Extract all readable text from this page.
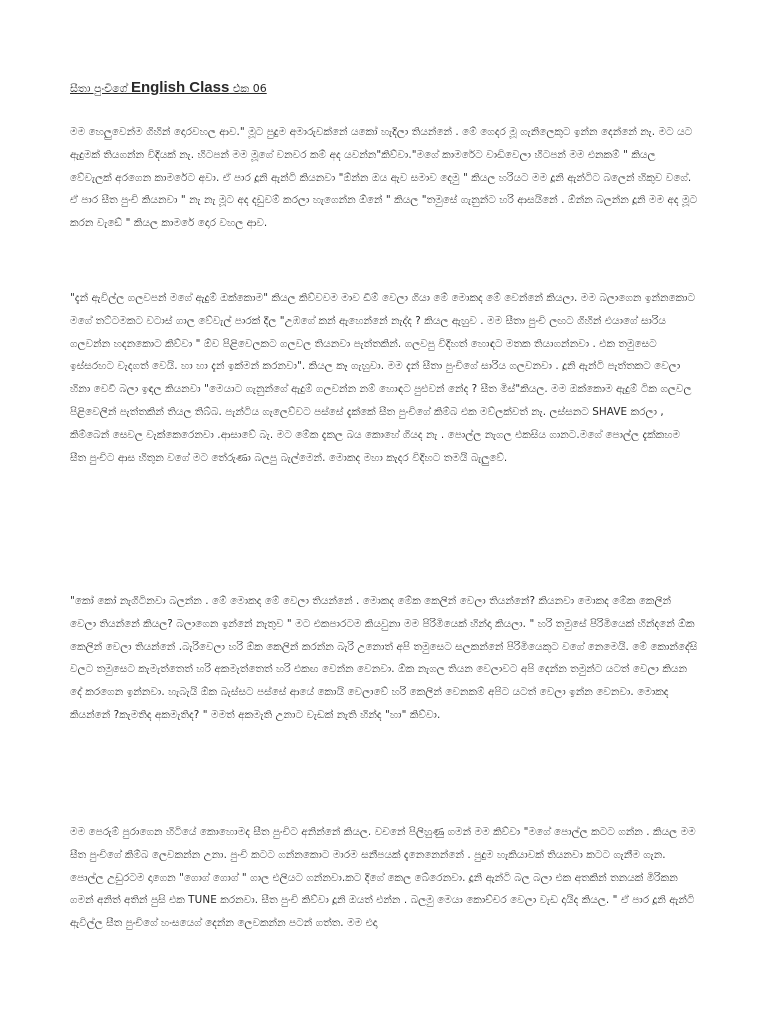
සීතා පුංචිගේ English Class එක 06
මම හෙලුවෙන්ම ගිහින් දොරවහල ආව." මූට පුදුම අමාරුවක්නේ යකෝ හැදිලා තියන්නේ . මේ ගෙදර මූ ගැනිලෙකුට ඉන්න දෙන්නේ නැ. මට යට ඇදුමක් තියගන්න විදියක් නැ. හිටපන් මම මූගේ වනවර කම් අද යවන්න"කිව්වා."මගේ කාමරේට වාඩිවෙලා හිටපන් මම එනකම් " කියල වේවැලක් අරගෙන කාමරේට අවා. ඒ පාර දූනි ඇන්ටි කියනවා "ඕන්න ඔය ඇව සමාව දෙමු " කියල හරියට මම දූනි ඇන්ටිට බලෙන් හිකුව වගේ. ඒ පාර සීත පුංචි කියනවා " නැ නැ මූට අද දඩුවම් කරලා හැගෙන්න ඕනේ " කියල "තමුසේ ගැනුන්ට හරි ආසයිනේ . ඕන්න බලන්න දූනි මම අද මූට කරන වැඩේ " කියල කාමරේ දොර වහල ආව.
"දැන් ඇවිල්ල ගලවපන් මගේ ඇදුම් ඔක්කොම" කියල කිව්වවම මාව ඩීම් වෙලා ගියා මේ මොකද මේ වෙන්නේ කියලා. මම බලාගෙන ඉන්නකොට මගේ තට්ටමකට වටාස් ගාල වේවැල් පාරක් දීල "උඹගේ කන් ඇහෙන්නේ නැද්ද ? කියල ඇහුව . මම සීතා පුංචි ලඟට ගිහින් එයාගේ සාරිය ගලවන්න හදනකොට කිව්වා " ඕව පිළිවෙලකට ගලවල තියනවා පැත්තකින්. ගලවපු විදිහත් හොඳට මතක තියාගන්නවා . එක තමුසෙට ඉස්සරහට වැදගත් වෙයි. හා හා දැන් ඉක්මන් කරනවා". කියල කෑ ගැහුවා. මම දැන් සීතා පුංචිගේ සාරිය ගලවනවා . දූනි ඇන්ටි පැත්තකට වෙලා හිනා වෙවී බලා ඉඳල කියනවා "මෙයාට ගැනුන්ගේ ඇදුම් ගලවන්න නම් හොඳට පුළුවන් නේද ? සීත මිස්"කියල. මම ඔක්කොම ඇදුම් ටික ගලවල පිළිවෙලින් පැත්තකින් තියල තිබ්බ. පැන්ටිය ගැලෙව්වට පස්සේ දැක්කේ සීත පුංචිගේ කිම්බ එක මව්ලක්වත් නැ. ලස්සනට SHAVE කරලා , කිම්බෙන් සෙවල වැක්කෙරෙනවා .ආසාවේ බැ. මට මේක දැකල බය කොහේ ගියද නැ . පොල්ල නැගල එකසිය ගානට.මගේ පොල්ල දැක්කහම සීත පුංචිට ආස හිතුන වගේ මට තේරුණා බලපු බැල්මෙන්. මොකද මහා කැදර විදිහට තමයි බැලුවේ.
"කෝ කෝ නැගිටිනවා බලන්න . මේ මොකද මේ වෙලා තියන්නේ . මොකද මේක කෙලින් වෙලා තියන්නේ? කියනවා මොකද මේක කෙලින් වෙලා තියන්නේ කියල? බලාගෙන ඉන්නේ නැතුව " මට එකපාරටම කියවුනා මම පිරිමියෙක් හින්දා කියලා. " හරි තමුසේ පිරිමියෙක් හින්දනේ ඕක කෙලින් වෙලා තියන්නේ .බැරිවෙලා හරි ඕක කෙලින් කරන්න බැරි උනොත් අපි තමුසෙට සලකන්නේ පිරිමියෙකුට වගේ නෙමෙයි. මේ කොන්දේසි වලට තමුසෙට කැමැත්තෙත් හරි අකමැත්තෙත් හරි එකඟ වෙන්න වෙනවා. ඕක නැගල තියන වෙලාවට අපි දෙන්න තමුන්ට යටත් වෙලා කියන දේ කරගෙන ඉන්නවා. හැබැයි ඕක බැස්සට පස්සේ ආයේ කොයි වෙලාවේ හරි කෙලින් වෙනකම් අපිට යටත් වෙලා ඉන්න වෙනවා. මොකද කියන්නේ ?කැමතිද අකමැතිද? " මමත් අකමැති උනාට වැඩක් නැති හින්ද "හා" කිව්වා.
මම පෙරුම් පුරාගෙන හිටියේ කොහොමද සීත පුංචිට අනින්නේ කියල. වචනේ පිලිහුණු ගමන් මම කිව්වා "මගේ පොල්ල කටට ගන්න . කියල මම සීත පුංචිගේ කිම්බ ලෙවකන්න උනා. පුංචි කටට ගන්නකොට මාරම සනීපයක් දැනෙනෙන්නේ . පුදුම හැකියාවක් තියනවා කටට ගැනීම ගැන. පොල්ල උඩුරටම දාගෙන "ගොග් ගොග් " ගාල එලියට ගන්නවා.කට දිගේ කෙල බේරෙනවා. දූනි ඇන්ටි බල බලා එක අතකින් තනයක් මිරිකන ගමන් අනිත් අතින් පුසි එක TUNE කරනවා. සීත පුංචි කිව්වා දූනි ඔයත් එන්න . බලමු මෙයා කොච්චර වෙලා වැඩ දායිද කියල. " ඒ පාර දූනි ඇන්ටි ඇවිල්ල සීත පුංචිගේ හංසයෙග් දෙන්න ලෙවකන්න පටන් ගත්ත. මම එදා
